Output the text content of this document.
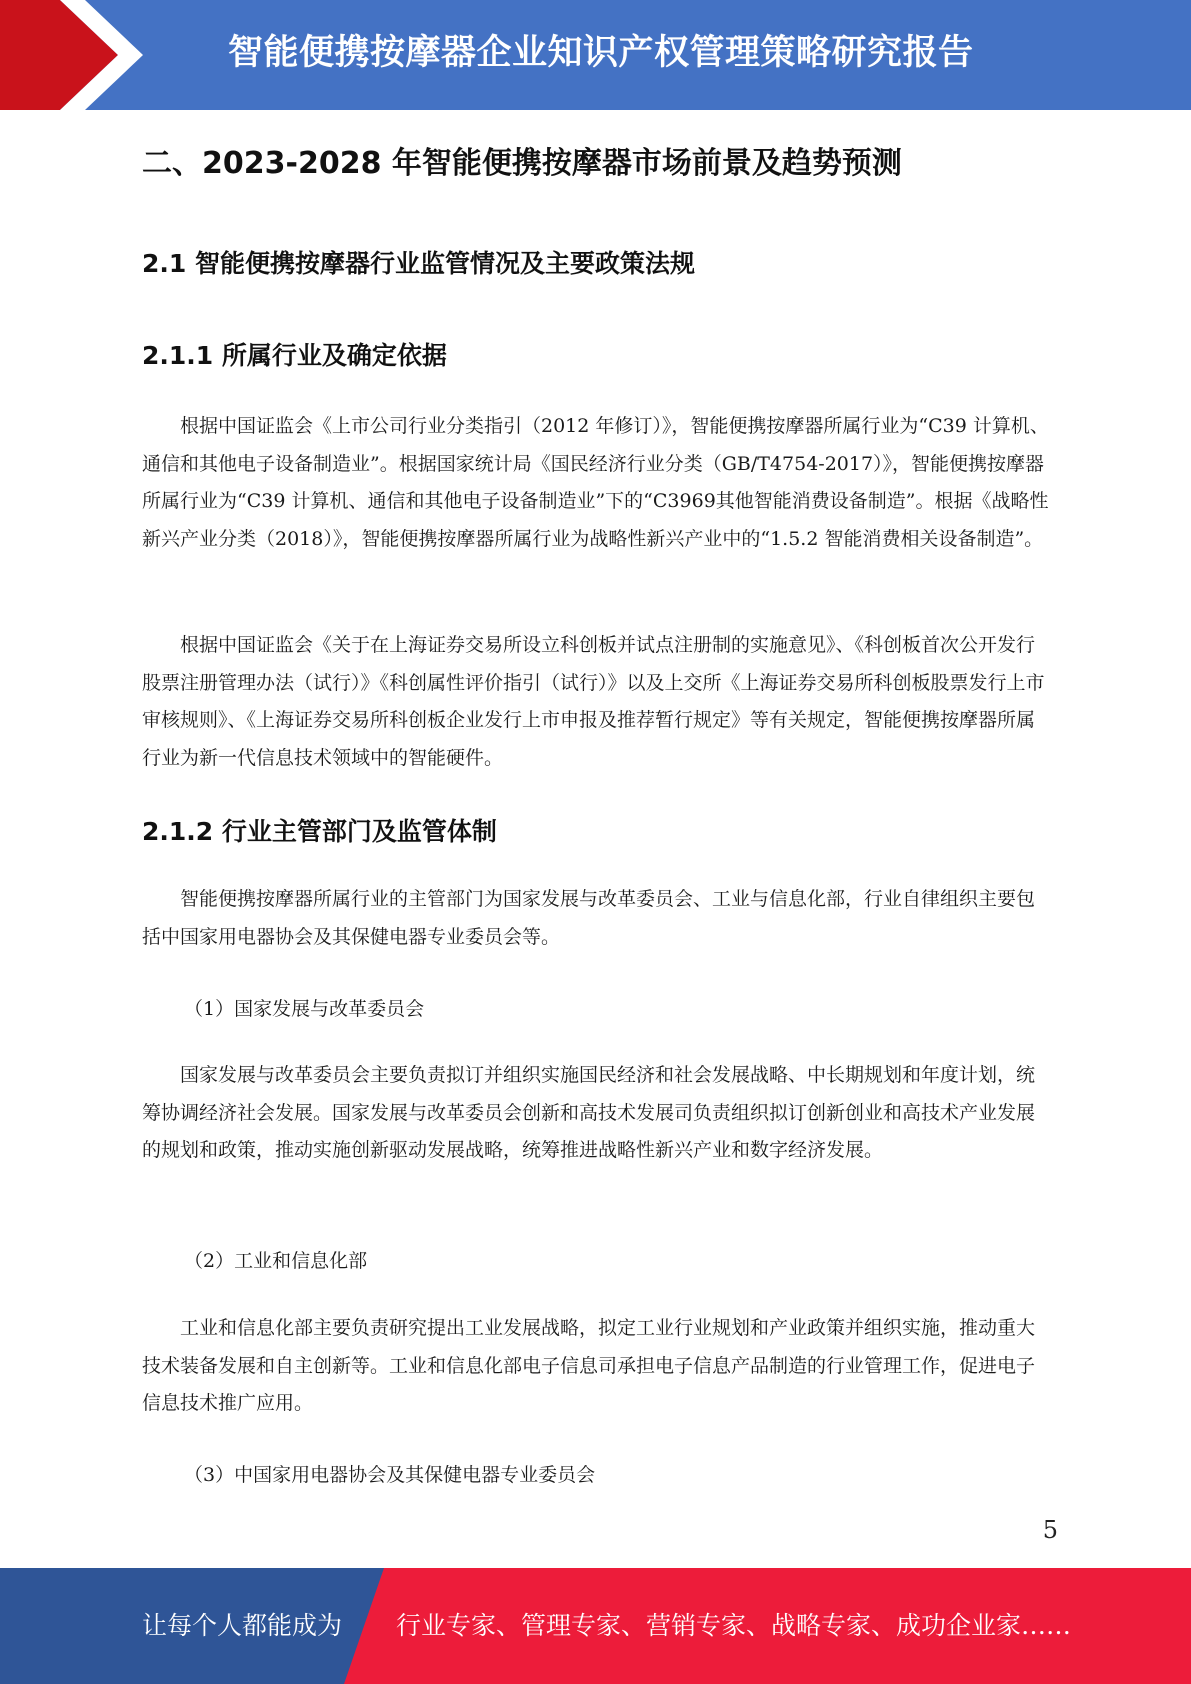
智能便携按摩器企业知识产权管理策略研究报告
二、2023-2028 年智能便携按摩器市场前景及趋势预测
2.1 智能便携按摩器行业监管情况及主要政策法规
2.1.1 所属行业及确定依据

根据中国证监会《上市公司行业分类指引（2012 年修订）》，智能便携按摩器所属行业为“C39 计算机、通信和其他电子设备制造业”。根据国家统计局《国民经济行业分类（GB/T4754-2017）》，智能便携按摩器所属行业为“C39 计算机、通信和其他电子设备制造业”下的“C3969其他智能消费设备制造”。根据《战略性新兴产业分类（2018）》，智能便携按摩器所属行业为战略性新兴产业中的“1.5.2 智能消费相关设备制造”。

根据中国证监会《关于在上海证券交易所设立科创板并试点注册制的实施意见》、《科创板首次公开发行股票注册管理办法（试行）》《科创属性评价指引（试行）》以及上交所《上海证券交易所科创板股票发行上市审核规则》、《上海证券交易所科创板企业发行上市申报及推荐暂行规定》等有关规定，智能便携按摩器所属行业为新一代信息技术领域中的智能硬件。

2.1.2 行业主管部门及监管体制

智能便携按摩器所属行业的主管部门为国家发展与改革委员会、工业与信息化部，行业自律组织主要包括中国家用电器协会及其保健电器专业委员会等。

（1）国家发展与改革委员会

国家发展与改革委员会主要负责拟订并组织实施国民经济和社会发展战略、中长期规划和年度计划，统筹协调经济社会发展。国家发展与改革委员会创新和高技术发展司负责组织拟订创新创业和高技术产业发展的规划和政策，推动实施创新驱动发展战略，统筹推进战略性新兴产业和数字经济发展。

（2）工业和信息化部

工业和信息化部主要负责研究提出工业发展战略，拟定工业行业规划和产业政策并组织实施，推动重大技术装备发展和自主创新等。工业和信息化部电子信息司承担电子信息产品制造的行业管理工作，促进电子信息技术推广应用。

（3）中国家用电器协会及其保健电器专业委员会
5
让每个人都能成为 行业专家、管理专家、营销专家、战略专家、成功企业家……
